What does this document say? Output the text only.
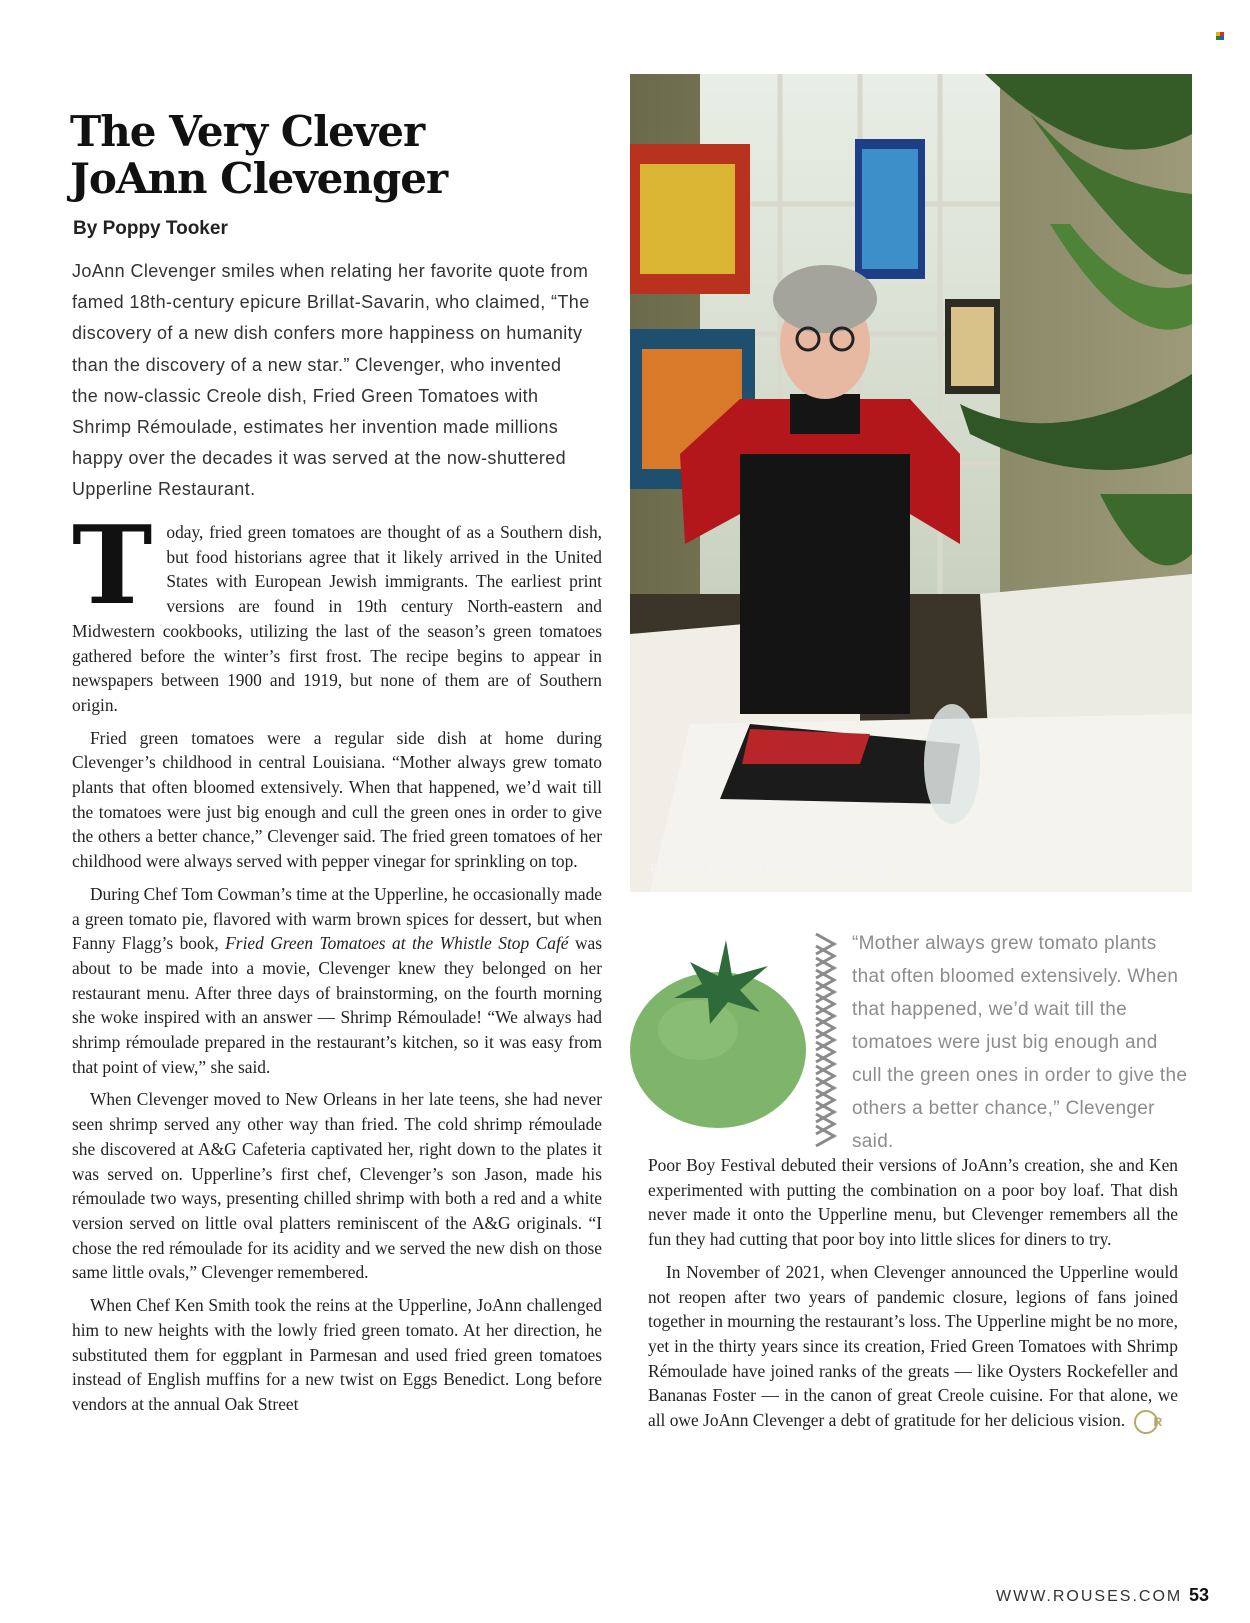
The Very Clever
JoAnn Clevenger

By Poppy Tooker

JoAnn Clevenger smiles when relating her favorite quote from famed 18th-century epicure Brillat-Savarin, who claimed, “The discovery of a new dish confers more happiness on humanity than the discovery of a new star.” Clevenger, who invented the now-classic Creole dish, Fried Green Tomatoes with Shrimp Rémoulade, estimates her invention made millions happy over the decades it was served at the now-shuttered Upperline Restaurant.

Today, fried green tomatoes are thought of as a Southern dish, but food historians agree that it likely arrived in the United States with European Jewish immigrants. The earliest print versions are found in 19th century North-eastern and Midwestern cookbooks, utilizing the last of the season’s green tomatoes gathered before the winter’s first frost. The recipe begins to appear in newspapers between 1900 and 1919, but none of them are of Southern origin.

Fried green tomatoes were a regular side dish at home during Clevenger’s childhood in central Louisiana. “Mother always grew tomato plants that often bloomed extensively. When that happened, we’d wait till the tomatoes were just big enough and cull the green ones in order to give the others a better chance,” Clevenger said. The fried green tomatoes of her childhood were always served with pepper vinegar for sprinkling on top.

During Chef Tom Cowman’s time at the Upperline, he occasionally made a green tomato pie, flavored with warm brown spices for dessert, but when Fanny Flagg’s book, Fried Green Tomatoes at the Whistle Stop Café was about to be made into a movie, Clevenger knew they belonged on her restaurant menu. After three days of brainstorming, on the fourth morning she woke inspired with an answer — Shrimp Rémoulade! “We always had shrimp rémoulade prepared in the restaurant’s kitchen, so it was easy from that point of view,” she said.

When Clevenger moved to New Orleans in her late teens, she had never seen shrimp served any other way than fried. The cold shrimp rémoulade she discovered at A&G Cafeteria captivated her, right down to the plates it was served on. Upperline’s first chef, Clevenger’s son Jason, made his rémoulade two ways, presenting chilled shrimp with both a red and a white version served on little oval platters reminiscent of the A&G originals. “I chose the red rémoulade for its acidity and we served the new dish on those same little ovals,” Clevenger remembered.

When Chef Ken Smith took the reins at the Upperline, JoAnn challenged him to new heights with the lowly fried green tomato. At her direction, he substituted them for eggplant in Parmesan and used fried green tomatoes instead of English muffins for a new twist on Eggs Benedict. Long before vendors at the annual Oak Street

PHOTO BY CHERYL GERBER

“Mother always grew tomato plants that often bloomed extensively. When that happened, we’d wait till the tomatoes were just big enough and cull the green ones in order to give the others a better chance,” Clevenger said.

Poor Boy Festival debuted their versions of JoAnn’s creation, she and Ken experimented with putting the combination on a poor boy loaf. That dish never made it onto the Upperline menu, but Clevenger remembers all the fun they had cutting that poor boy into little slices for diners to try.

In November of 2021, when Clevenger announced the Upperline would not reopen after two years of pandemic closure, legions of fans joined together in mourning the restaurant’s loss. The Upperline might be no more, yet in the thirty years since its creation, Fried Green Tomatoes with Shrimp Rémoulade have joined ranks of the greats — like Oysters Rockefeller and Bananas Foster — in the canon of great Creole cuisine. For that alone, we all owe JoAnn Clevenger a debt of gratitude for her delicious vision. R

WWW.ROUSES.COM 53
